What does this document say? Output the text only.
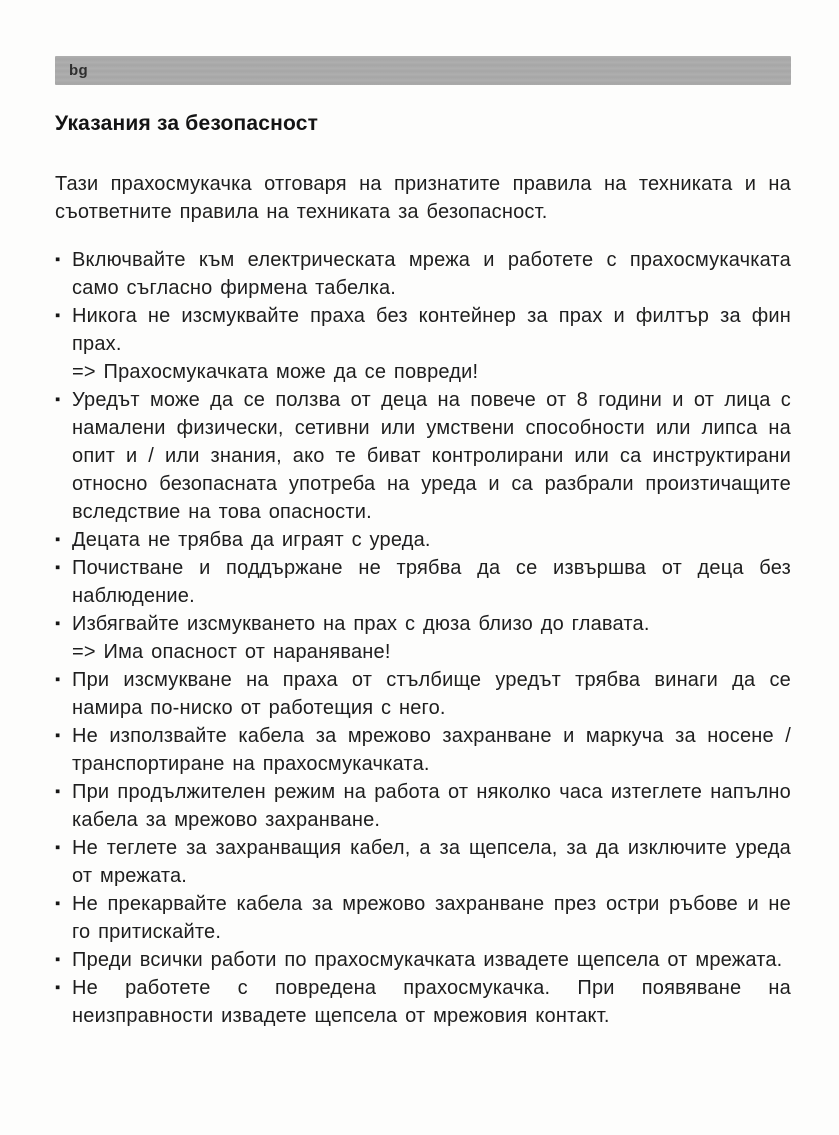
bg
Указания за безопасност

Тази прахосмукачка отговаря на признатите правила на техниката и на съответните правила на техниката за безопасност.

▪ Включвайте към електрическата мрежа и работете с прахосмукачката само съгласно фирмена табелка.
▪ Никога не изсмуквайте праха без контейнер за прах и филтър за фин прах.
=> Прахосмукачката може да се повреди!
▪ Уредът може да се ползва от деца на повече от 8 години и от лица с намалени физически, сетивни или умствени способности или липса на опит и / или знания, ако те биват контролирани или са инструктирани относно безопасната употреба на уреда и са разбрали произтичащите вследствие на това опасности.
▪ Децата не трябва да играят с уреда.
▪ Почистване и поддържане не трябва да се извършва от деца без наблюдение.
▪ Избягвайте изсмукването на прах с дюза близо до главата.
=> Има опасност от нараняване!
▪ При изсмукване на праха от стълбище уредът трябва винаги да се намира по-ниско от работещия с него.
▪ Не използвайте кабела за мрежово захранване и маркуча за носене / транспортиране на прахосмукачката.
▪ При продължителен режим на работа от няколко часа изтеглете напълно кабела за мрежово захранване.
▪ Не теглете за захранващия кабел, а за щепсела, за да изключите уреда от мрежата.
▪ Не прекарвайте кабела за мрежово захранване през остри ръбове и не го притискайте.
▪ Преди всички работи по прахосмукачката извадете щепсела от мрежата.
▪ Не работете с повредена прахосмукачка. При появяване на неизправности извадете щепсела от мрежовия контакт.
